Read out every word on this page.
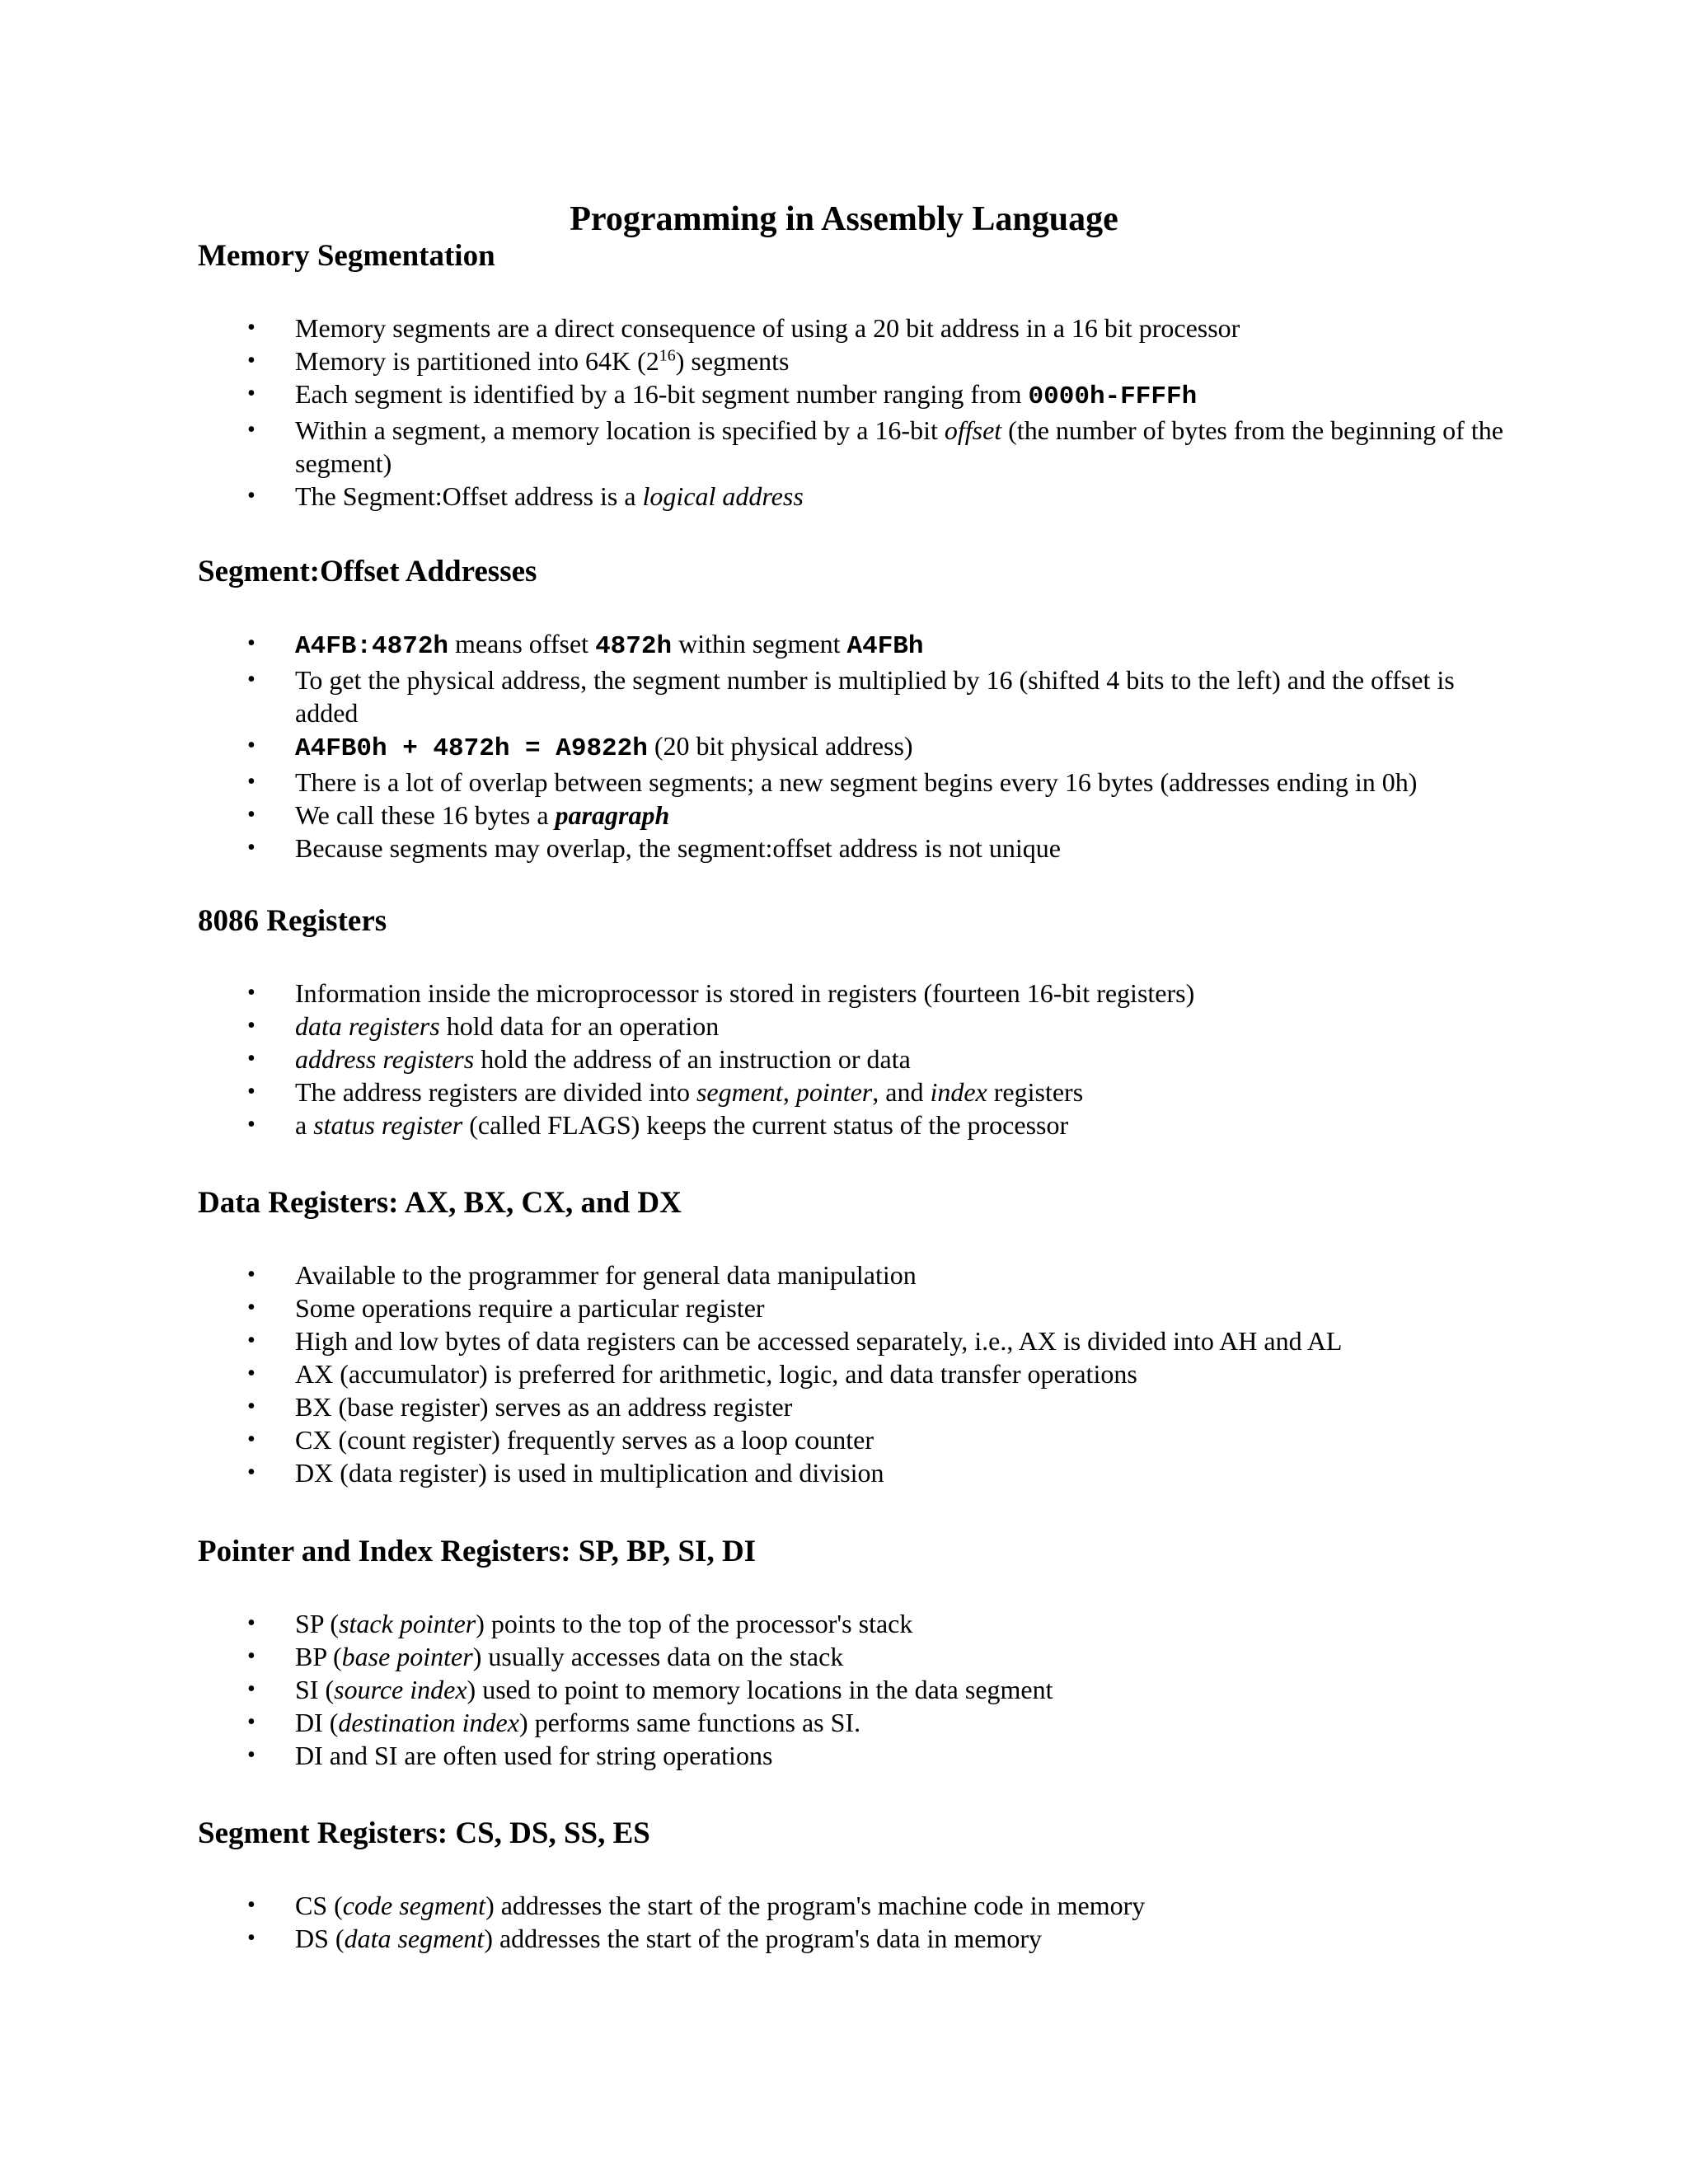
Programming in Assembly Language
Memory Segmentation
•	Memory segments are a direct consequence of using a 20 bit address in a 16 bit processor
•	Memory is partitioned into 64K $(2^{16})$ segments
•	Each segment is identified by a 16-bit segment number ranging from 0000h-FFFFh
•	Within a segment, a memory location is specified by a 16-bit offset (the number of bytes from the beginning of the segment)
•	The Segment:Offset address is a logical address
Segment:Offset Addresses
•	A4FB:4872h means offset 4872h within segment A4FBh
•	To get the physical address, the segment number is multiplied by 16 (shifted 4 bits to the left) and the offset is added
•	A4FB0h + 4872h = A9822h (20 bit physical address)
•	There is a lot of overlap between segments; a new segment begins every 16 bytes (addresses ending in 0h)
•	We call these 16 bytes a paragraph
•	Because segments may overlap, the segment:offset address is not unique
8086 Registers
•	Information inside the microprocessor is stored in registers (fourteen 16-bit registers)
•	data registers hold data for an operation
•	address registers hold the address of an instruction or data
•	The address registers are divided into segment, pointer, and index registers
•	a status register (called FLAGS) keeps the current status of the processor
Data Registers: AX, BX, CX, and DX
•	Available to the programmer for general data manipulation
•	Some operations require a particular register
•	High and low bytes of data registers can be accessed separately, i.e., AX is divided into AH and AL
•	AX (accumulator) is preferred for arithmetic, logic, and data transfer operations
•	BX (base register) serves as an address register
•	CX (count register) frequently serves as a loop counter
•	DX (data register) is used in multiplication and division
Pointer and Index Registers: SP, BP, SI, DI
•	SP (stack pointer) points to the top of the processor's stack
•	BP (base pointer) usually accesses data on the stack
•	SI (source index) used to point to memory locations in the data segment
•	DI (destination index) performs same functions as SI.
•	DI and SI are often used for string operations
Segment Registers: CS, DS, SS, ES
•	CS (code segment) addresses the start of the program's machine code in memory
•	DS (data segment) addresses the start of the program's data in memory
